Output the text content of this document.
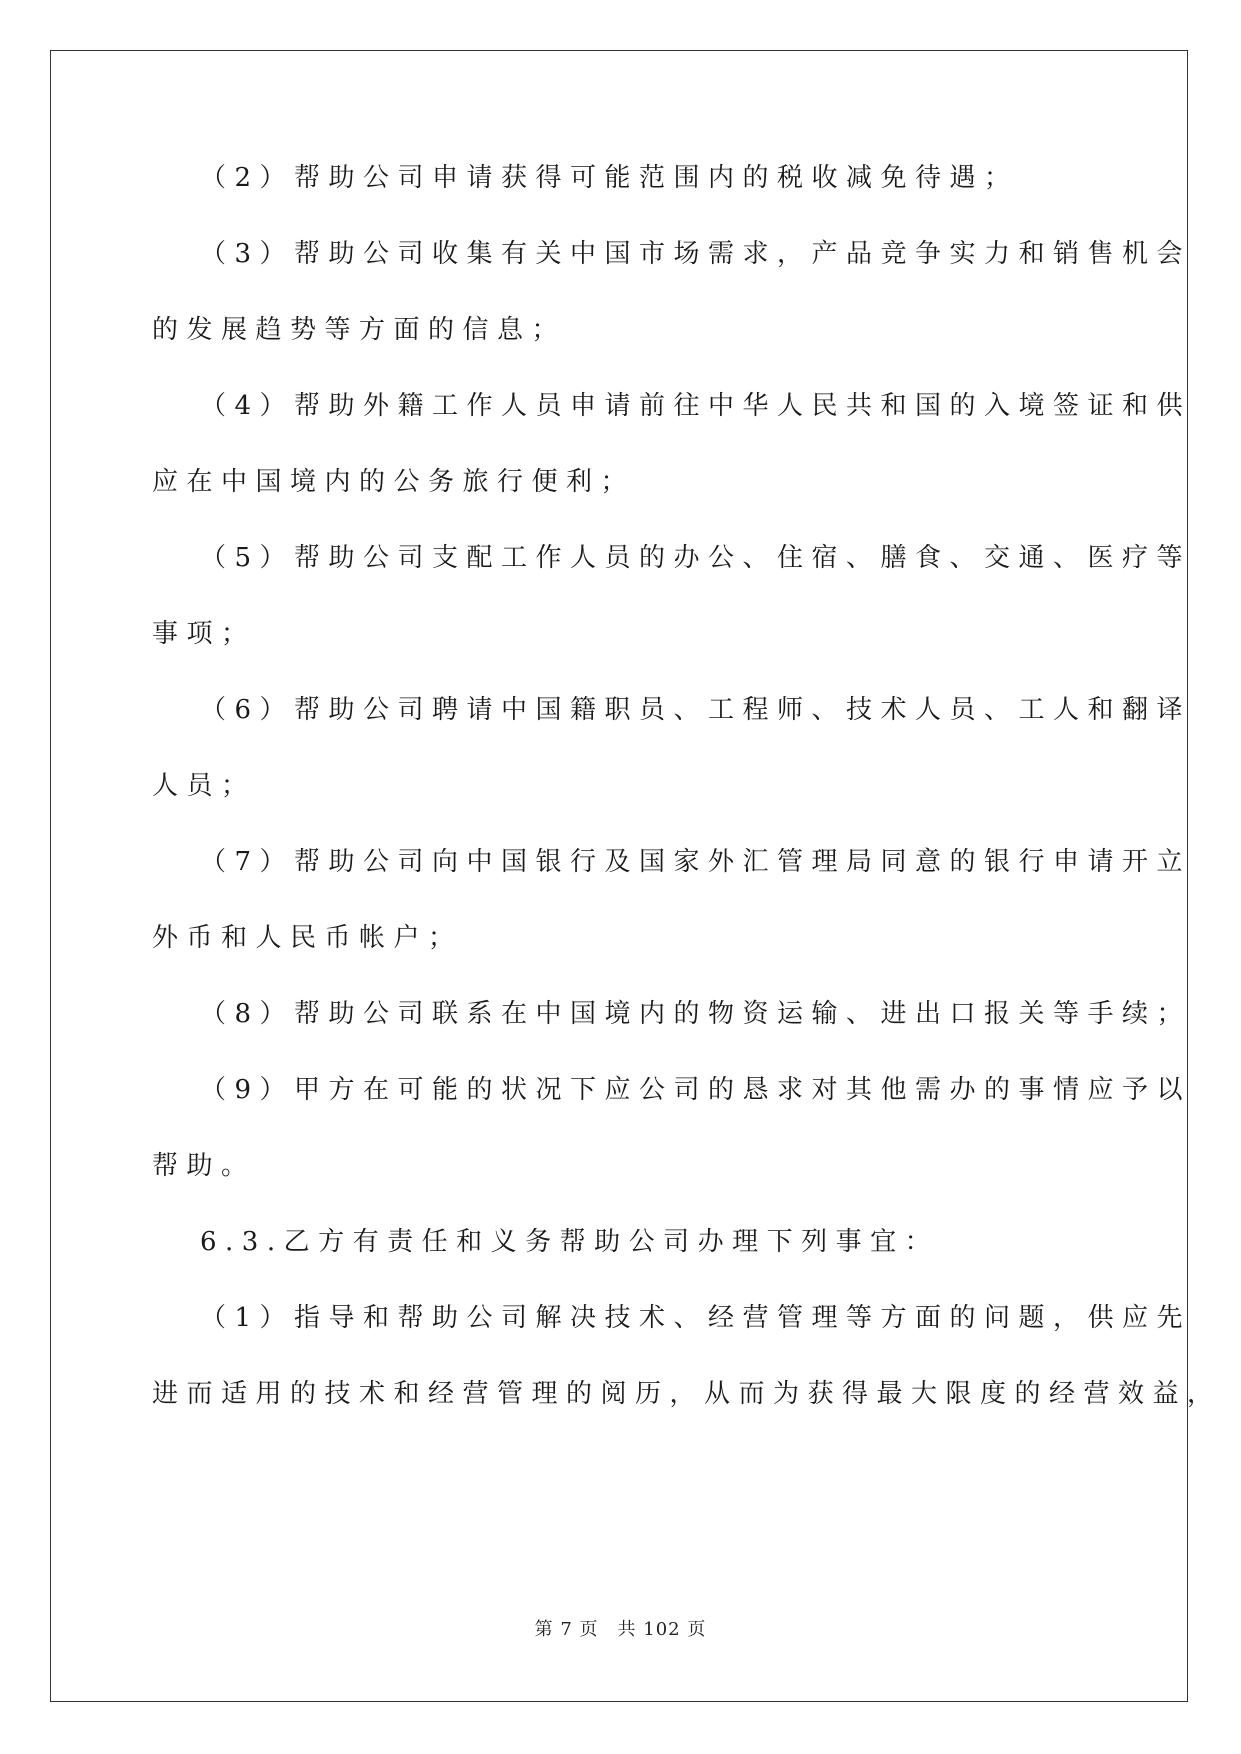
（2）帮助公司申请获得可能范围内的税收减免待遇；
（3）帮助公司收集有关中国市场需求，产品竞争实力和销售机会
的发展趋势等方面的信息；
（4）帮助外籍工作人员申请前往中华人民共和国的入境签证和供
应在中国境内的公务旅行便利；
（5）帮助公司支配工作人员的办公、住宿、膳食、交通、医疗等
事项；
（6）帮助公司聘请中国籍职员、工程师、技术人员、工人和翻译
人员；
（7）帮助公司向中国银行及国家外汇管理局同意的银行申请开立
外币和人民币帐户；
（8）帮助公司联系在中国境内的物资运输、进出口报关等手续；
（9）甲方在可能的状况下应公司的恳求对其他需办的事情应予以
帮助。
6.3.乙方有责任和义务帮助公司办理下列事宜：
（1）指导和帮助公司解决技术、经营管理等方面的问题，供应先
进而适用的技术和经营管理的阅历，从而为获得最大限度的经营效益，
第 7 页　共 102 页
